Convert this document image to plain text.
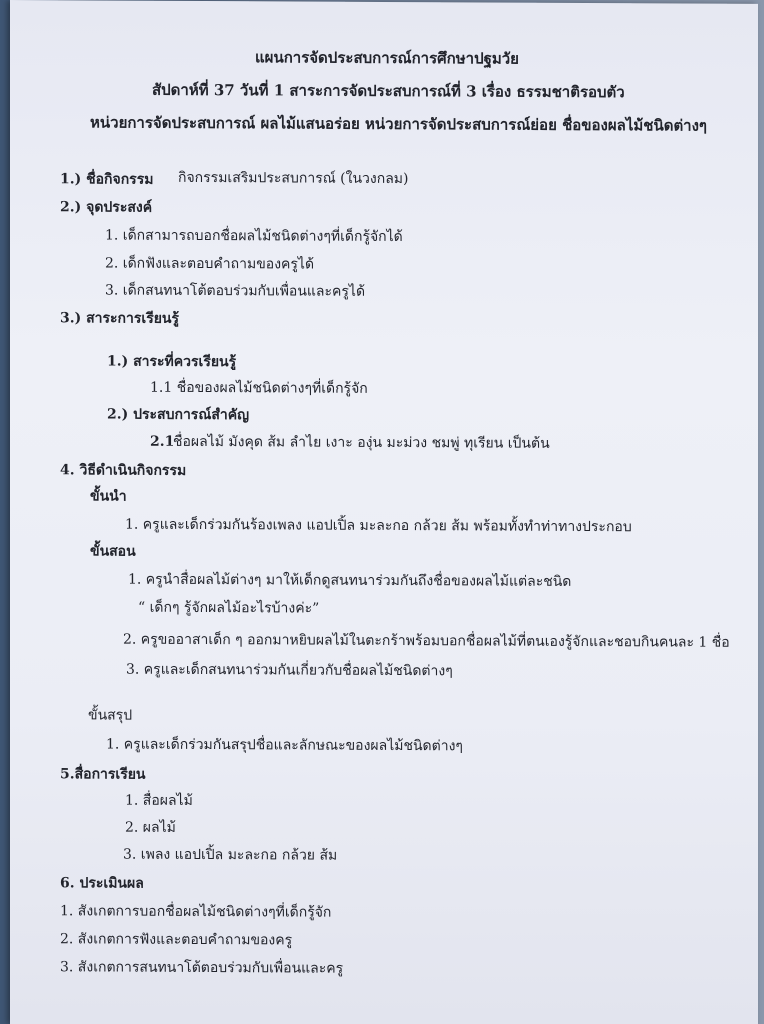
แผนการจัดประสบการณ์การศึกษาปฐมวัย
สัปดาห์ที่ 37 วันที่ 1 สาระการจัดประสบการณ์ที่ 3 เรื่อง ธรรมชาติรอบตัว
หน่วยการจัดประสบการณ์ ผลไม้แสนอร่อย หน่วยการจัดประสบการณ์ย่อย ชื่อของผลไม้ชนิดต่างๆ
1.) ชื่อกิจกรรม กิจกรรมเสริมประสบการณ์ (ในวงกลม)
2.) จุดประสงค์
1. เด็กสามารถบอกชื่อผลไม้ชนิดต่างๆที่เด็กรู้จักได้
2. เด็กฟังและตอบคำถามของครูได้
3. เด็กสนทนาโต้ตอบร่วมกับเพื่อนและครูได้
3.) สาระการเรียนรู้
1.) สาระที่ควรเรียนรู้
1.1 ชื่อของผลไม้ชนิดต่างๆที่เด็กรู้จัก
2.) ประสบการณ์สำคัญ
2.1
ชื่อผลไม้ มังคุด ส้ม ลำไย เงาะ องุ่น มะม่วง ชมพู่ ทุเรียน เป็นต้น
4. วิธีดำเนินกิจกรรม
ขั้นนำ
1. ครูและเด็กร่วมกันร้องเพลง แอปเปิ้ล มะละกอ กล้วย ส้ม พร้อมทั้งทำท่าทางประกอบ
ขั้นสอน
1. ครูนำสื่อผลไม้ต่างๆ มาให้เด็กดูสนทนาร่วมกันถึงชื่อของผลไม้แต่ละชนิด
“ เด็กๆ รู้จักผลไม้อะไรบ้างค่ะ”
2. ครูขออาสาเด็ก ๆ ออกมาหยิบผลไม้ในตะกร้าพร้อมบอกชื่อผลไม้ที่ตนเองรู้จักและชอบกินคนละ 1 ชื่อ
3. ครูและเด็กสนทนาร่วมกันเกี่ยวกับชื่อผลไม้ชนิดต่างๆ
ขั้นสรุป
1. ครูและเด็กร่วมกันสรุปชื่อและลักษณะของผลไม้ชนิดต่างๆ
5.สื่อการเรียน
1. สื่อผลไม้
2. ผลไม้
3. เพลง แอปเปิ้ล มะละกอ กล้วย ส้ม
6. ประเมินผล
1. สังเกตการบอกชื่อผลไม้ชนิดต่างๆที่เด็กรู้จัก
2. สังเกตการฟังและตอบคำถามของครู
3. สังเกตการสนทนาโต้ตอบร่วมกับเพื่อนและครู
